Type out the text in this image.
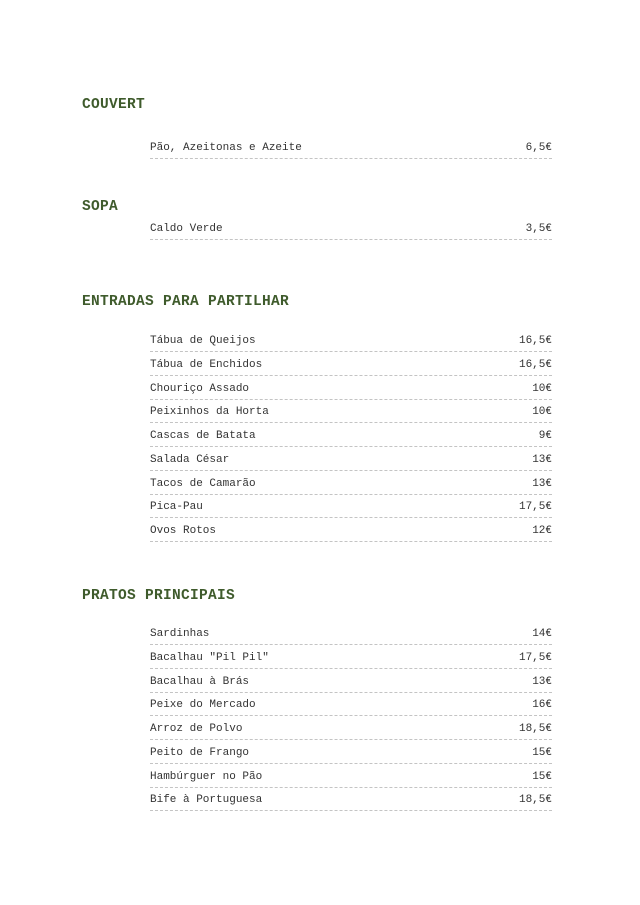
COUVERT
Pão, Azeitonas e Azeite	6,5€
SOPA
Caldo Verde	3,5€
ENTRADAS PARA PARTILHAR
Tábua de Queijos	16,5€
Tábua de Enchidos	16,5€
Chouriço Assado	10€
Peixinhos da Horta	10€
Cascas de Batata	9€
Salada César	13€
Tacos de Camarão	13€
Pica-Pau	17,5€
Ovos Rotos	12€
PRATOS PRINCIPAIS
Sardinhas	14€
Bacalhau "Pil Pil"	17,5€
Bacalhau à Brás	13€
Peixe do Mercado	16€
Arroz de Polvo	18,5€
Peito de Frango	15€
Hambúrguer no Pão	15€
Bife à Portuguesa	18,5€
